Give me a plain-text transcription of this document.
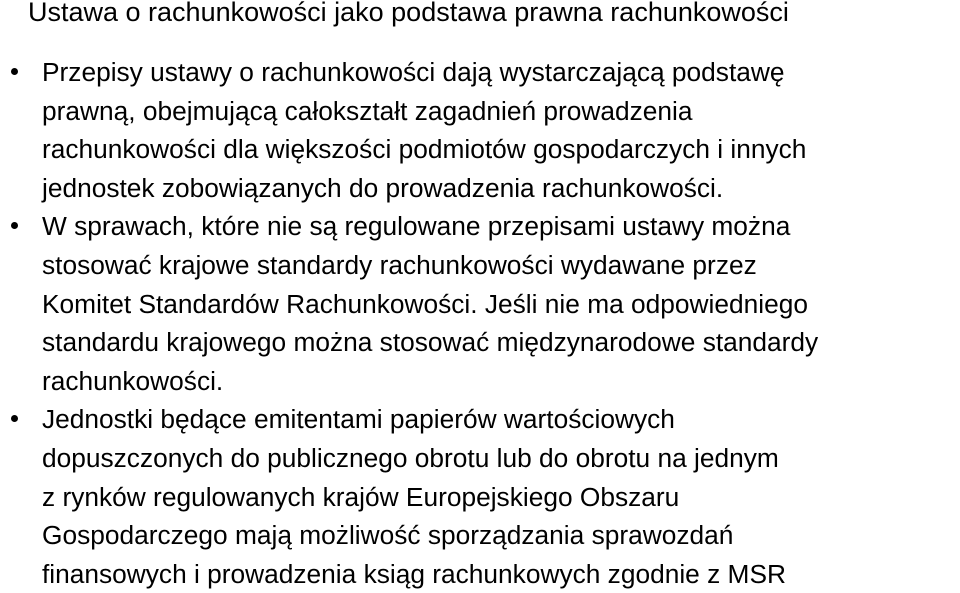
Ustawa o rachunkowości jako podstawa prawna rachunkowości
Przepisy ustawy o rachunkowości dają wystarczającą podstawę
prawną, obejmującą całokształt zagadnień prowadzenia
rachunkowości dla większości podmiotów gospodarczych i innych
jednostek zobowiązanych do prowadzenia rachunkowości.
W sprawach, które nie są regulowane przepisami ustawy można
stosować krajowe standardy rachunkowości wydawane przez
Komitet Standardów Rachunkowości. Jeśli nie ma odpowiedniego
standardu krajowego można stosować międzynarodowe standardy
rachunkowości.
Jednostki będące emitentami papierów wartościowych
dopuszczonych do publicznego obrotu lub do obrotu na jednym
z rynków regulowanych krajów Europejskiego Obszaru
Gospodarczego mają możliwość sporządzania sprawozdań
finansowych i prowadzenia ksiąg rachunkowych zgodnie z MSR
